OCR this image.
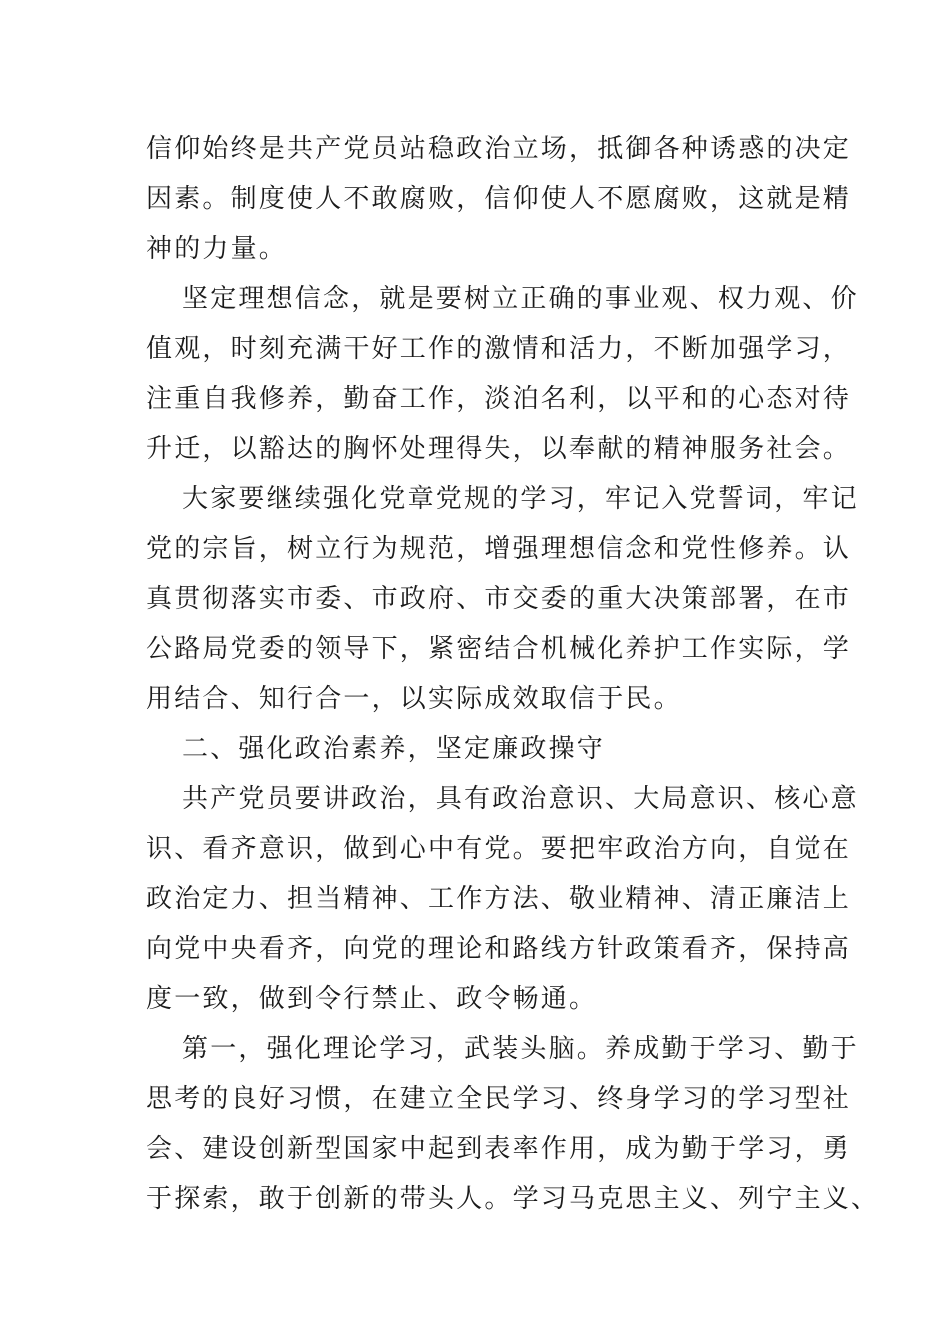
信仰始终是共产党员站稳政治立场，抵御各种诱惑的决定
因素。制度使人不敢腐败，信仰使人不愿腐败，这就是精
神的力量。
坚定理想信念，就是要树立正确的事业观、权力观、价
值观，时刻充满干好工作的激情和活力，不断加强学习，
注重自我修养，勤奋工作，淡泊名利，以平和的心态对待
升迁，以豁达的胸怀处理得失，以奉献的精神服务社会。
大家要继续强化党章党规的学习，牢记入党誓词，牢记
党的宗旨，树立行为规范，增强理想信念和党性修养。认
真贯彻落实市委、市政府、市交委的重大决策部署，在市
公路局党委的领导下，紧密结合机械化养护工作实际，学
用结合、知行合一，以实际成效取信于民。
二、强化政治素养，坚定廉政操守
共产党员要讲政治，具有政治意识、大局意识、核心意
识、看齐意识，做到心中有党。要把牢政治方向，自觉在
政治定力、担当精神、工作方法、敬业精神、清正廉洁上
向党中央看齐，向党的理论和路线方针政策看齐，保持高
度一致，做到令行禁止、政令畅通。
第一，强化理论学习，武装头脑。养成勤于学习、勤于
思考的良好习惯，在建立全民学习、终身学习的学习型社
会、建设创新型国家中起到表率作用，成为勤于学习，勇
于探索，敢于创新的带头人。学习马克思主义、列宁主义、
